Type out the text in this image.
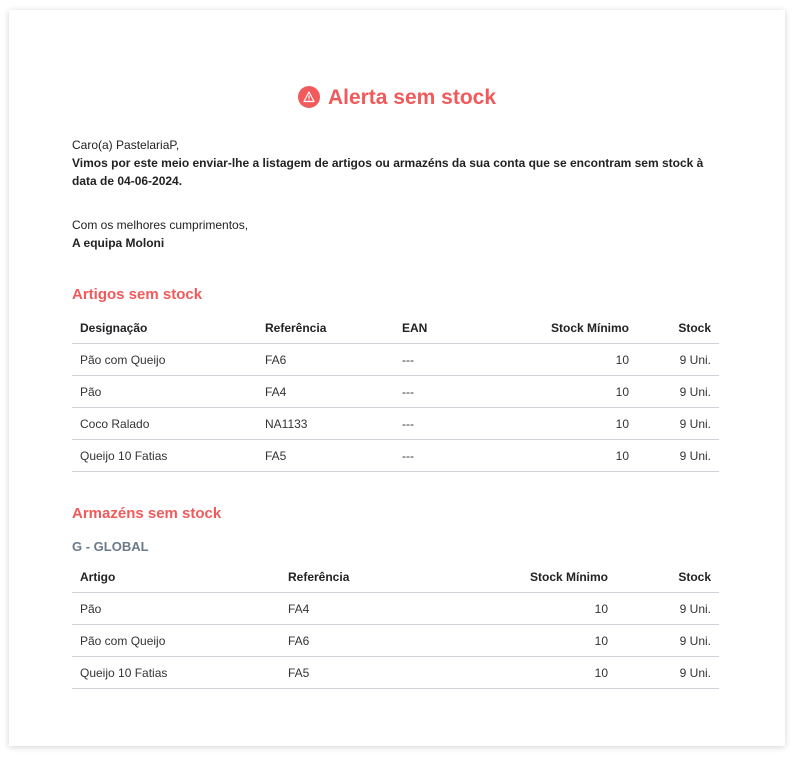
Alerta sem stock
Caro(a) PastelariaP,
Vimos por este meio enviar-lhe a listagem de artigos ou armazéns da sua conta que se encontram sem stock à data de 04-06-2024.
Com os melhores cumprimentos,
A equipa Moloni
Artigos sem stock
Designação	Referência	EAN	Stock Mínimo	Stock
Pão com Queijo	FA6	---	10	9 Uni.
Pão	FA4	---	10	9 Uni.
Coco Ralado	NA1133	---	10	9 Uni.
Queijo 10 Fatias	FA5	---	10	9 Uni.
Armazéns sem stock
G - GLOBAL
Artigo	Referência	Stock Mínimo	Stock
Pão	FA4	10	9 Uni.
Pão com Queijo	FA6	10	9 Uni.
Queijo 10 Fatias	FA5	10	9 Uni.
